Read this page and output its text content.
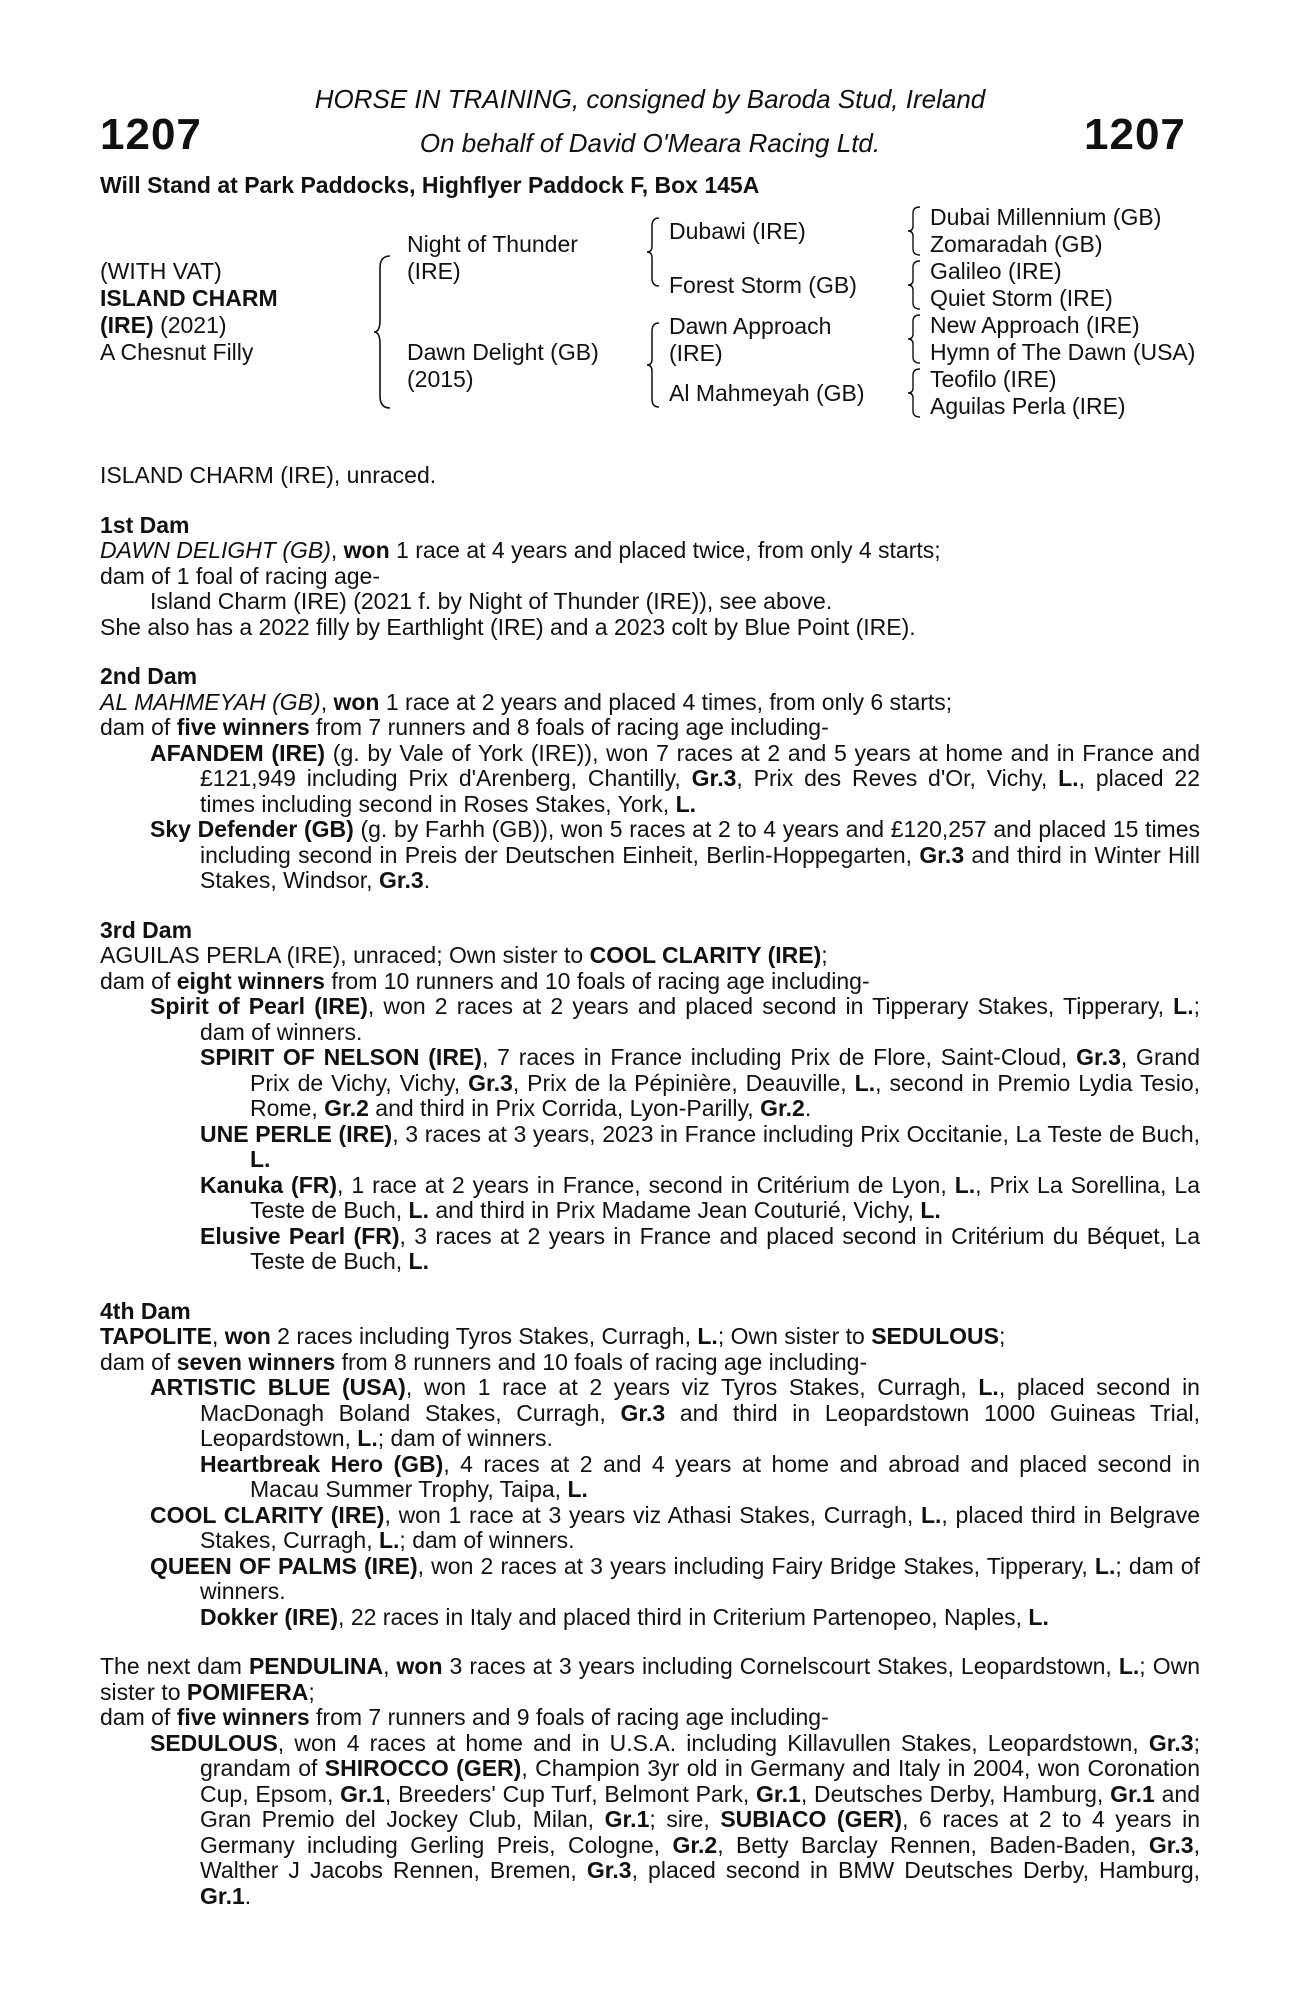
1207	1207
HORSE IN TRAINING, consigned by Baroda Stud, Ireland
On behalf of David O'Meara Racing Ltd.
Will Stand at Park Paddocks, Highflyer Paddock F, Box 145A
(WITH VAT)
ISLAND CHARM
(IRE) (2021)
A Chesnut Filly
Night of Thunder
(IRE)
Dawn Delight (GB)
(2015)
Dubawi (IRE)
Forest Storm (GB)
Dawn Approach
(IRE)
Al Mahmeyah (GB)
Dubai Millennium (GB)
Zomaradah (GB)
Galileo (IRE)
Quiet Storm (IRE)
New Approach (IRE)
Hymn of The Dawn (USA)
Teofilo (IRE)
Aguilas Perla (IRE)

ISLAND CHARM (IRE), unraced.

1st Dam
DAWN DELIGHT (GB), won 1 race at 4 years and placed twice, from only 4 starts;
dam of 1 foal of racing age-
Island Charm (IRE) (2021 f. by Night of Thunder (IRE)), see above.
She also has a 2022 filly by Earthlight (IRE) and a 2023 colt by Blue Point (IRE).
2nd Dam
AL MAHMEYAH (GB), won 1 race at 2 years and placed 4 times, from only 6 starts;
dam of five winners from 7 runners and 8 foals of racing age including-

AFANDEM (IRE) (g. by Vale of York (IRE)), won 7 races at 2 and 5 years at home and in France and £121,949 including Prix d'Arenberg, Chantilly, Gr.3, Prix des Reves d'Or, Vichy, L., placed 22 times including second in Roses Stakes, York, L.

Sky Defender (GB) (g. by Farhh (GB)), won 5 races at 2 to 4 years and £120,257 and placed 15 times including second in Preis der Deutschen Einheit, Berlin-Hoppegarten, Gr.3 and third in Winter Hill Stakes, Windsor, Gr.3.

3rd Dam
AGUILAS PERLA (IRE), unraced; Own sister to COOL CLARITY (IRE);
dam of eight winners from 10 runners and 10 foals of racing age including-

Spirit of Pearl (IRE), won 2 races at 2 years and placed second in Tipperary Stakes, Tipperary, L.; dam of winners.

SPIRIT OF NELSON (IRE), 7 races in France including Prix de Flore, Saint-Cloud, Gr.3, Grand Prix de Vichy, Vichy, Gr.3, Prix de la Pépinière, Deauville, L., second in Premio Lydia Tesio, Rome, Gr.2 and third in Prix Corrida, Lyon-Parilly, Gr.2.

UNE PERLE (IRE), 3 races at 3 years, 2023 in France including Prix Occitanie, La Teste de Buch, L.

Kanuka (FR), 1 race at 2 years in France, second in Critérium de Lyon, L., Prix La Sorellina, La Teste de Buch, L. and third in Prix Madame Jean Couturié, Vichy, L.

Elusive Pearl (FR), 3 races at 2 years in France and placed second in Critérium du Béquet, La Teste de Buch, L.

4th Dam
TAPOLITE, won 2 races including Tyros Stakes, Curragh, L.; Own sister to SEDULOUS;
dam of seven winners from 8 runners and 10 foals of racing age including-

ARTISTIC BLUE (USA), won 1 race at 2 years viz Tyros Stakes, Curragh, L., placed second in MacDonagh Boland Stakes, Curragh, Gr.3 and third in Leopardstown 1000 Guineas Trial, Leopardstown, L.; dam of winners.

Heartbreak Hero (GB), 4 races at 2 and 4 years at home and abroad and placed second in Macau Summer Trophy, Taipa, L.

COOL CLARITY (IRE), won 1 race at 3 years viz Athasi Stakes, Curragh, L., placed third in Belgrave Stakes, Curragh, L.; dam of winners.

QUEEN OF PALMS (IRE), won 2 races at 3 years including Fairy Bridge Stakes, Tipperary, L.; dam of winners.

Dokker (IRE), 22 races in Italy and placed third in Criterium Partenopeo, Naples, L.

The next dam PENDULINA, won 3 races at 3 years including Cornelscourt Stakes, Leopardstown, L.; Own sister to POMIFERA;

dam of five winners from 7 runners and 9 foals of racing age including-

SEDULOUS, won 4 races at home and in U.S.A. including Killavullen Stakes, Leopardstown, Gr.3; grandam of SHIROCCO (GER), Champion 3yr old in Germany and Italy in 2004, won Coronation Cup, Epsom, Gr.1, Breeders' Cup Turf, Belmont Park, Gr.1, Deutsches Derby, Hamburg, Gr.1 and Gran Premio del Jockey Club, Milan, Gr.1; sire, SUBIACO (GER), 6 races at 2 to 4 years in Germany including Gerling Preis, Cologne, Gr.2, Betty Barclay Rennen, Baden-Baden, Gr.3, Walther J Jacobs Rennen, Bremen, Gr.3, placed second in BMW Deutsches Derby, Hamburg, Gr.1.
